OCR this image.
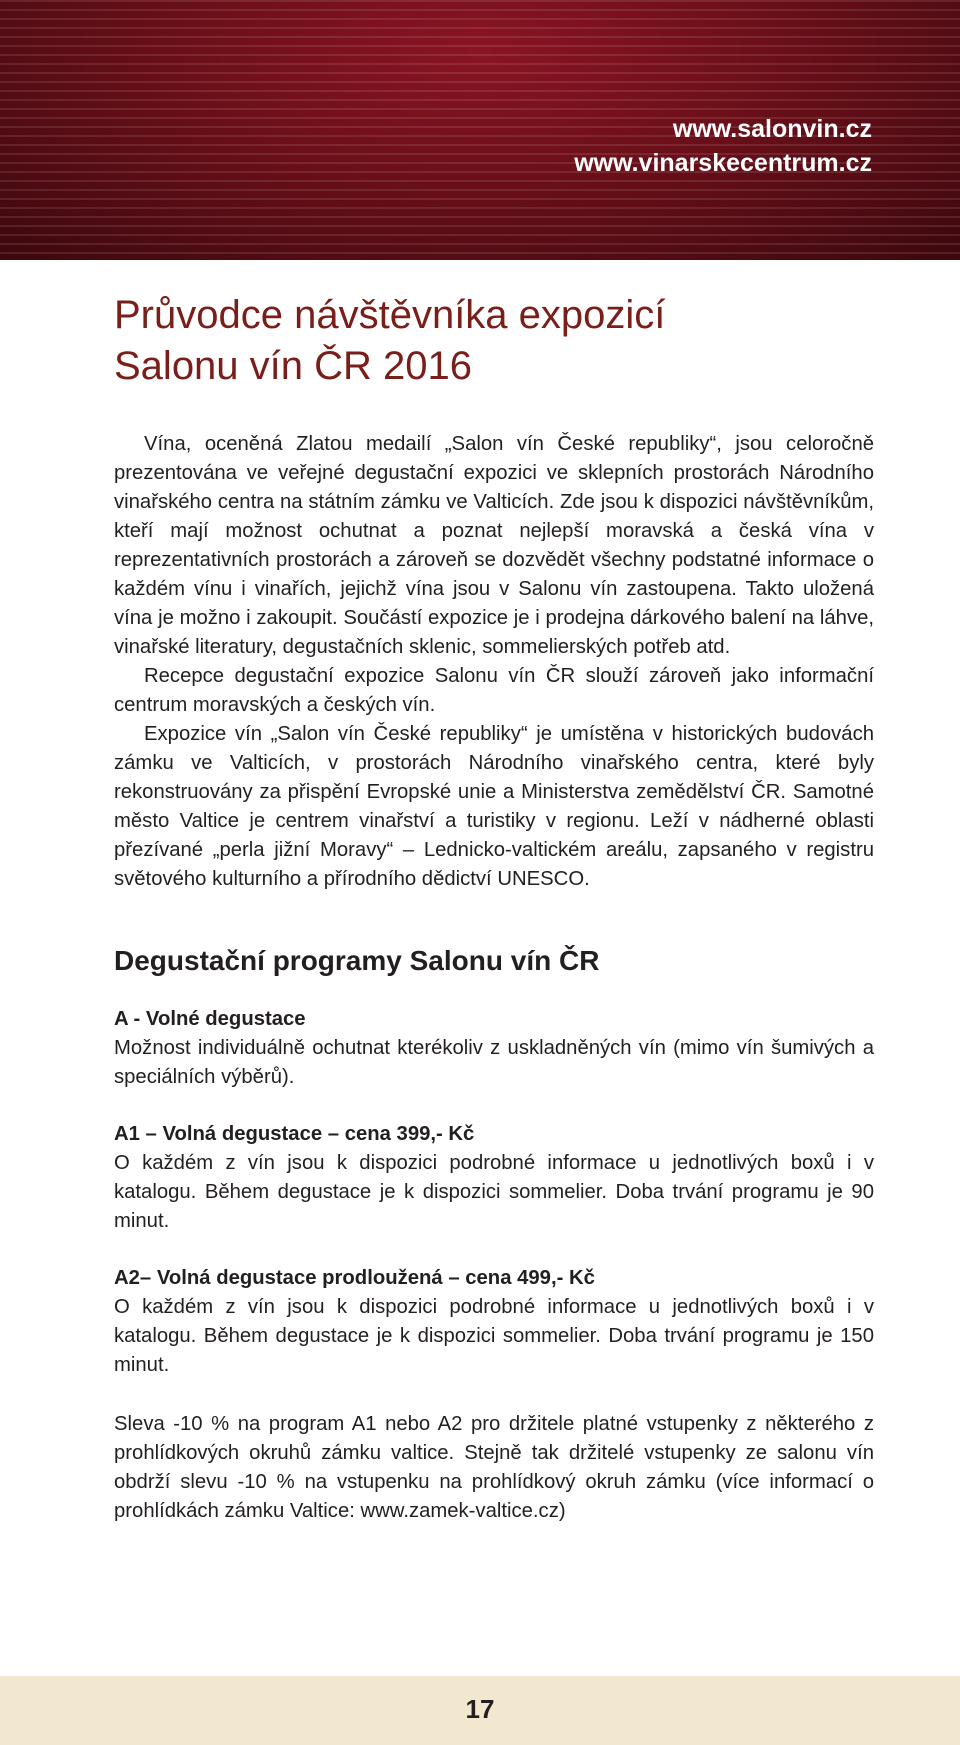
www.salonvin.cz
www.vinarskecentrum.cz
Průvodce návštěvníka expozicí
Salonu vín ČR 2016

Vína, oceněná Zlatou medailí „Salon vín České republiky“, jsou celoročně prezentována ve veřejné degustační expozici ve sklepních prostorách Národního vinařského centra na státním zámku ve Valticích. Zde jsou k dispozici návštěvníkům, kteří mají možnost ochutnat a poznat nejlepší moravská a česká vína v reprezentativních prostorách a zároveň se dozvědět všechny podstatné informace o každém vínu i vinařích, jejichž vína jsou v Salonu vín zastoupena. Takto uložená vína je možno i zakoupit. Součástí expozice je i prodejna dárkového balení na láhve, vinařské literatury, degustačních sklenic, sommelierských potřeb atd.

Recepce degustační expozice Salonu vín ČR slouží zároveň jako informační centrum moravských a českých vín.

Expozice vín „Salon vín České republiky“ je umístěna v historických budovách zámku ve Valticích, v prostorách Národního vinařského centra, které byly rekonstruovány za přispění Evropské unie a Ministerstva zemědělství ČR. Samotné město Valtice je centrem vinařství a turistiky v regionu. Leží v nádherné oblasti přezívané „perla jižní Moravy“ – Lednicko-valtickém areálu, zapsaného v registru světového kulturního a přírodního dědictví UNESCO.

Degustační programy Salonu vín ČR

A - Volné degustace

Možnost individuálně ochutnat kterékoliv z uskladněných vín (mimo vín šumivých a speciálních výběrů).

A1 – Volná degustace – cena 399,- Kč

O každém z vín jsou k dispozici podrobné informace u jednotlivých boxů i v katalogu. Během degustace je k dispozici sommelier. Doba trvání programu je 90 minut.

A2– Volná degustace prodloužená – cena 499,- Kč

O každém z vín jsou k dispozici podrobné informace u jednotlivých boxů i v katalogu. Během degustace je k dispozici sommelier. Doba trvání programu je 150 minut.

Sleva -10 % na program A1 nebo A2 pro držitele platné vstupenky z některého z prohlídkových okruhů zámku valtice. Stejně tak držitelé vstupenky ze salonu vín obdrží slevu -10 % na vstupenku na prohlídkový okruh zámku (více informací o prohlídkách zámku Valtice: www.zamek-valtice.cz)

17
